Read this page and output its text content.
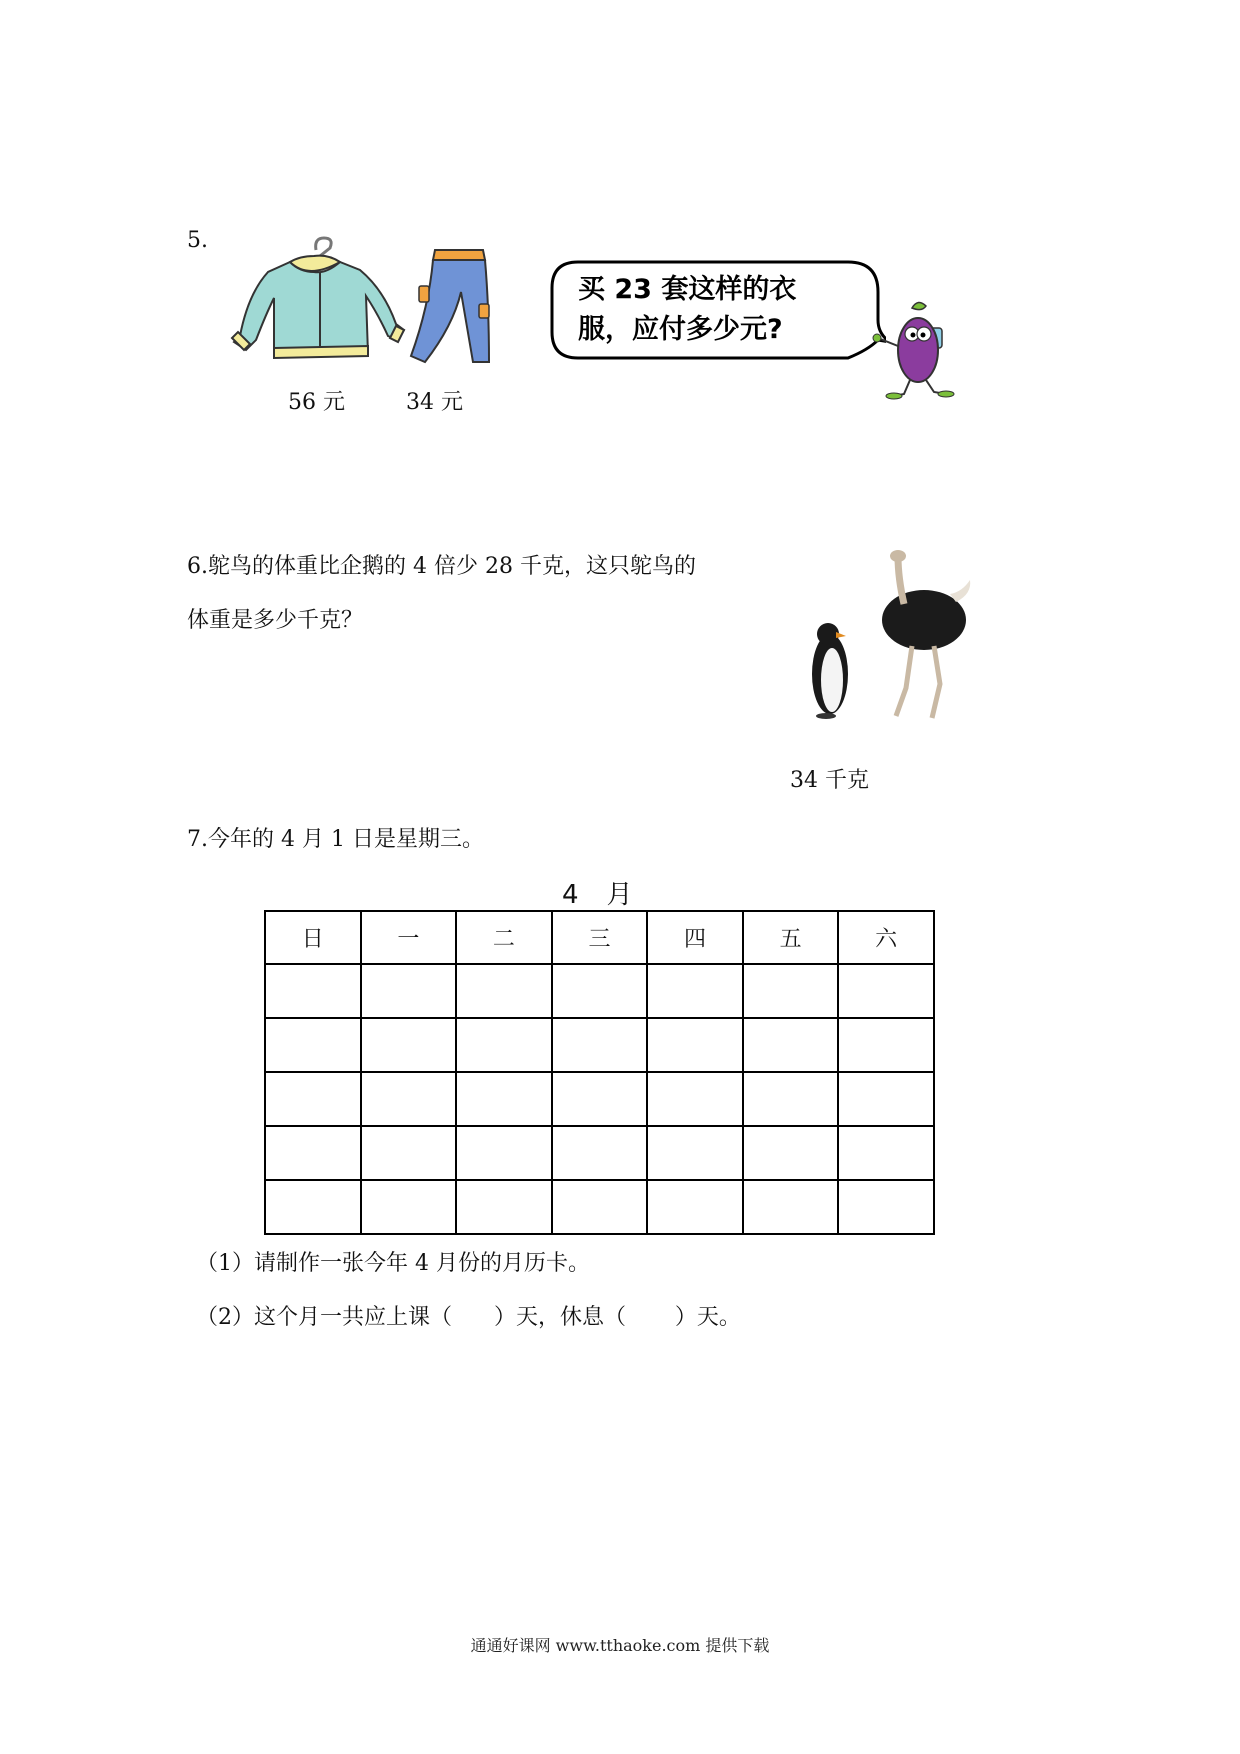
5.
56 元	34 元
买 23 套这样的衣服，应付多少元?
6.鸵鸟的体重比企鹅的 4 倍少 28 千克，这只鸵鸟的
体重是多少千克？
34 千克
7.今年的 4 月 1 日是星期三。
4 月
日	一	二	三	四	五	六

（1）请制作一张今年 4 月份的月历卡。
（2）这个月一共应上课（      ）天，休息（       ）天。
通通好课网 www.tthaoke.com 提供下载
